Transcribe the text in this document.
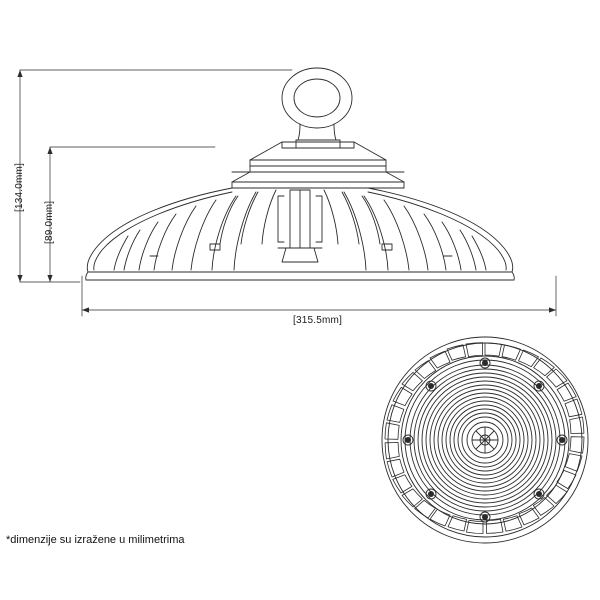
[134.0mm]
[89.0mm]
[315.5mm]
*dimenzije su izražene u milimetrima
